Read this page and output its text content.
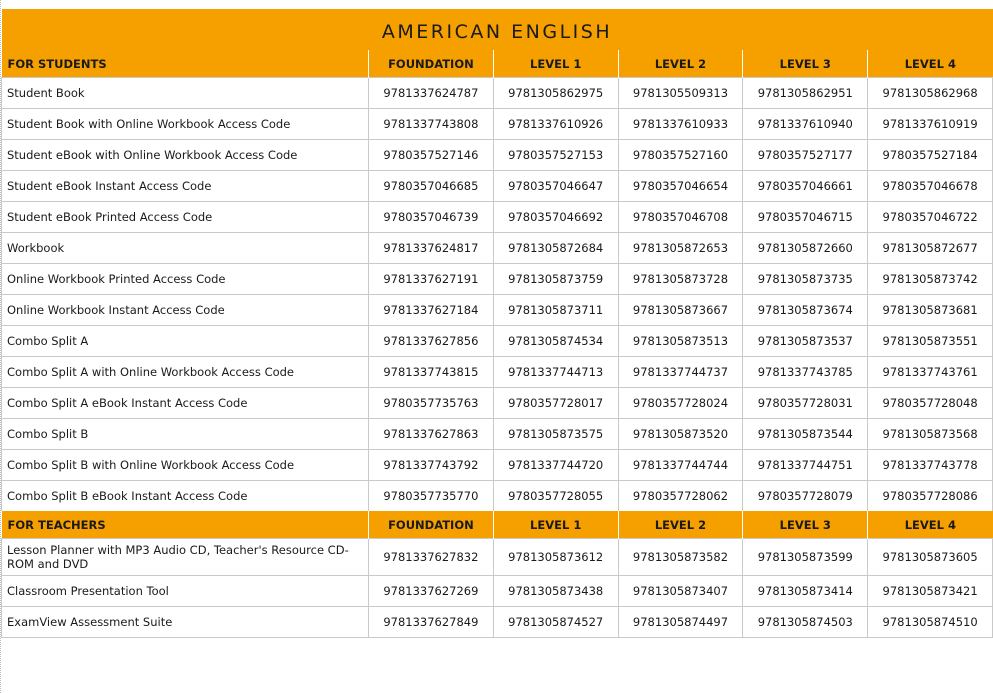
AMERICAN ENGLISH					
FOR STUDENTS	FOUNDATION	LEVEL 1	LEVEL 2	LEVEL 3	LEVEL 4
Student Book	9781337624787	9781305862975	9781305509313	9781305862951	9781305862968
Student Book with Online Workbook Access Code	9781337743808	9781337610926	9781337610933	9781337610940	9781337610919
Student eBook with Online Workbook Access Code	9780357527146	9780357527153	9780357527160	9780357527177	9780357527184
Student eBook Instant Access Code	9780357046685	9780357046647	9780357046654	9780357046661	9780357046678
Student eBook Printed Access Code	9780357046739	9780357046692	9780357046708	9780357046715	9780357046722
Workbook	9781337624817	9781305872684	9781305872653	9781305872660	9781305872677
Online Workbook Printed Access Code	9781337627191	9781305873759	9781305873728	9781305873735	9781305873742
Online Workbook Instant Access Code	9781337627184	9781305873711	9781305873667	9781305873674	9781305873681
Combo Split A	9781337627856	9781305874534	9781305873513	9781305873537	9781305873551
Combo Split A with Online Workbook Access Code	9781337743815	9781337744713	9781337744737	9781337743785	9781337743761
Combo Split A eBook Instant Access Code	9780357735763	9780357728017	9780357728024	9780357728031	9780357728048
Combo Split B	9781337627863	9781305873575	9781305873520	9781305873544	9781305873568
Combo Split B with Online Workbook Access Code	9781337743792	9781337744720	9781337744744	9781337744751	9781337743778
Combo Split B eBook Instant Access Code	9780357735770	9780357728055	9780357728062	9780357728079	9780357728086
FOR TEACHERS	FOUNDATION	LEVEL 1	LEVEL 2	LEVEL 3	LEVEL 4
Lesson Planner with MP3 Audio CD, Teacher's Resource CD-ROM and DVD	9781337627832	9781305873612	9781305873582	9781305873599	9781305873605
Classroom Presentation Tool	9781337627269	9781305873438	9781305873407	9781305873414	9781305873421
ExamView Assessment Suite	9781337627849	9781305874527	9781305874497	9781305874503	9781305874510
